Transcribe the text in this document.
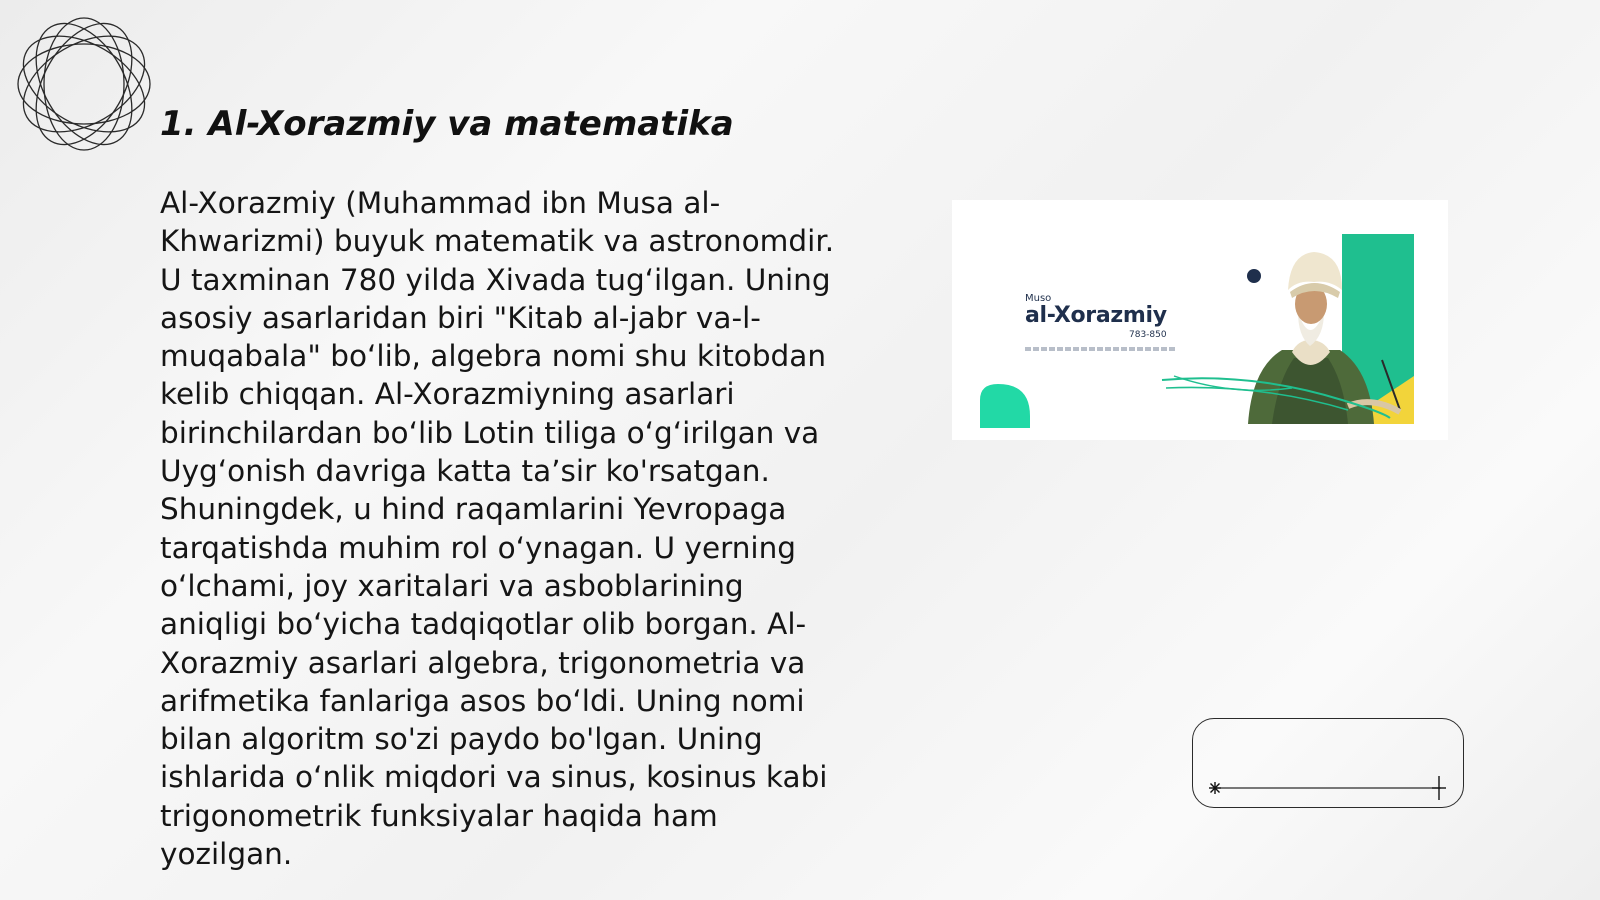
1. Al-Xorazmiy va matematika
Al-Xorazmiy (Muhammad ibn Musa al-
Khwarizmi) buyuk matematik va astronomdir.
U taxminan 780 yilda Xivada tug‘ilgan. Uning
asosiy asarlaridan biri "Kitab al-jabr va-l-
muqabala" bo‘lib, algebra nomi shu kitobdan
kelib chiqqan. Al-Xorazmiyning asarlari
birinchilardan bo‘lib Lotin tiliga o‘g‘irilgan va
Uyg‘onish davriga katta ta’sir ko'rsatgan.
Shuningdek, u hind raqamlarini Yevropaga
tarqatishda muhim rol o‘ynagan. U yerning
o‘lchami, joy xaritalari va asboblarining
aniqligi bo‘yicha tadqiqotlar olib borgan. Al-
Xorazmiy asarlari algebra, trigonometria va
arifmetika fanlariga asos bo‘ldi. Uning nomi
bilan algoritm so'zi paydo bo'lgan. Uning
ishlarida o‘nlik miqdori va sinus, kosinus kabi
trigonometrik funksiyalar haqida ham
yozilgan.
Muso
al-Xorazmiy
783-850
